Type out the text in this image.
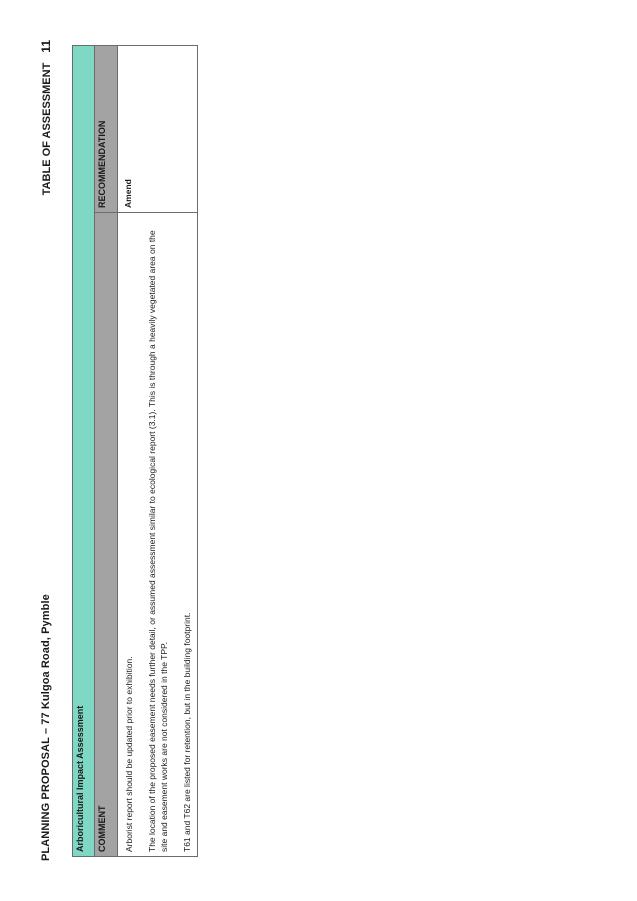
PLANNING PROPOSAL – 77 Kulgoa Road, Pymble
TABLE OF ASSESSMENT11
Arboricultural Impact Assessment	
COMMENT	RECOMMENDATION

Arborist report should be updated prior to exhibition. The location of the proposed easement needs further detail, or assumed assessment similar to ecological report (3.1). This is through a heavily vegetated area on the site and easement works are not considered in the TPP. T61 and T62 are listed for retention, but in the building footprint.	Amend
